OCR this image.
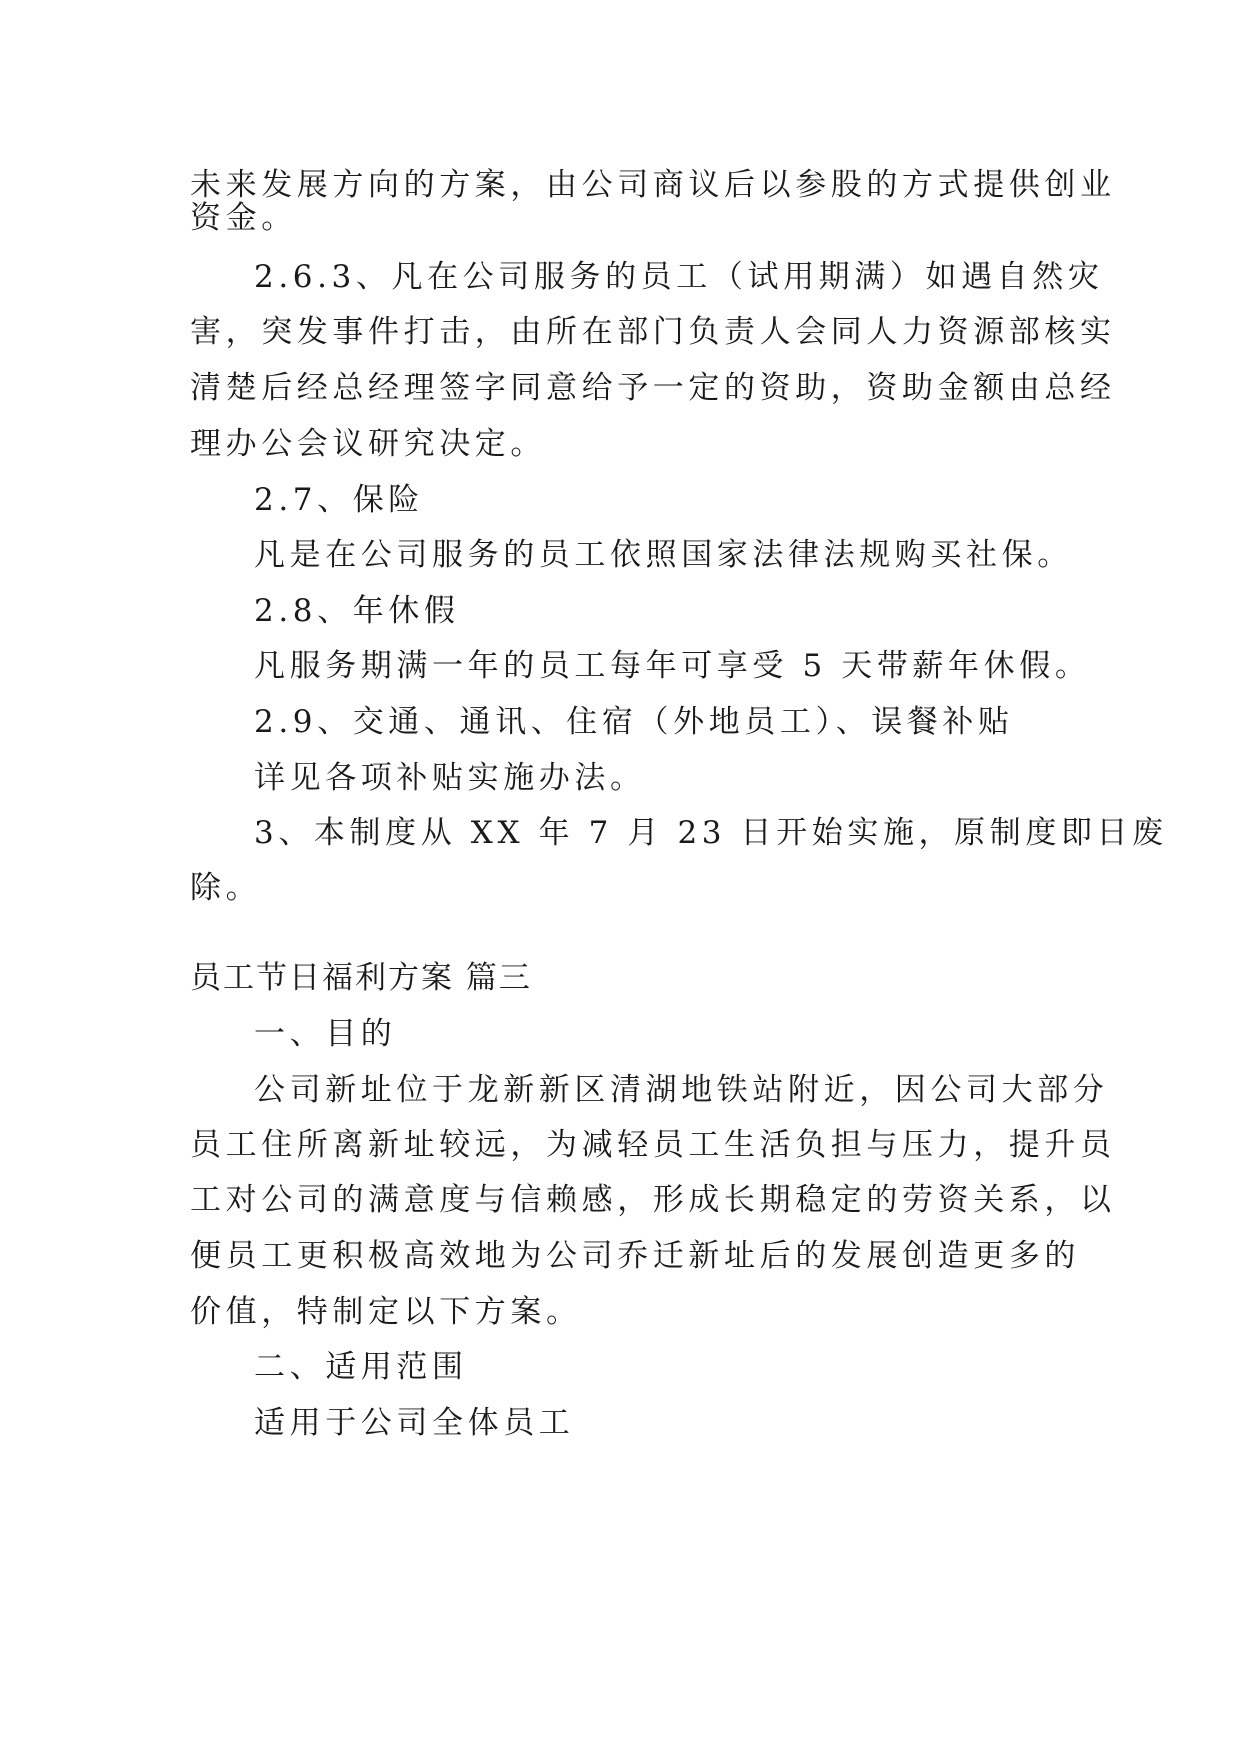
未来发展方向的方案，由公司商议后以参股的方式提供创业
资金。
2.6.3、凡在公司服务的员工（试用期满）如遇自然灾
害，突发事件打击，由所在部门负责人会同人力资源部核实
清楚后经总经理签字同意给予一定的资助，资助金额由总经
理办公会议研究决定。
2.7、保险
凡是在公司服务的员工依照国家法律法规购买社保。
2.8、年休假
凡服务期满一年的员工每年可享受 5 天带薪年休假。
2.9、交通、通讯、住宿（外地员工）、误餐补贴
详见各项补贴实施办法。
3、本制度从 XX 年 7 月 23 日开始实施，原制度即日废
除。
员工节日福利方案 篇三
一、目的
公司新址位于龙新新区清湖地铁站附近，因公司大部分
员工住所离新址较远，为减轻员工生活负担与压力，提升员
工对公司的满意度与信赖感，形成长期稳定的劳资关系，以
便员工更积极高效地为公司乔迁新址后的发展创造更多的
价值，特制定以下方案。
二、适用范围
适用于公司全体员工
